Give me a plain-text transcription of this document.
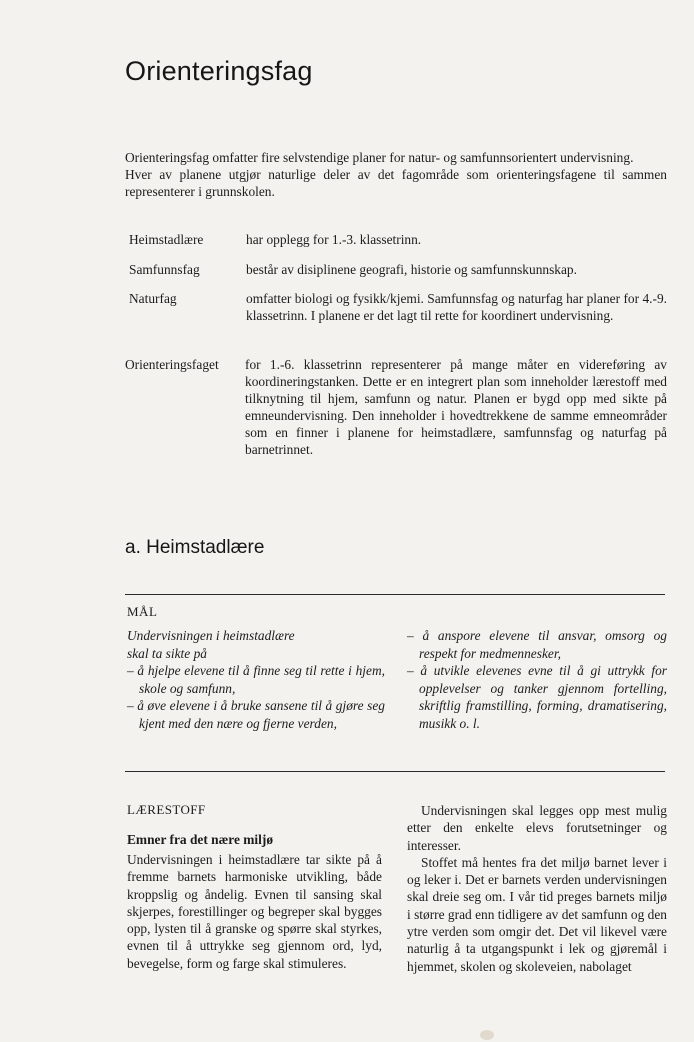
Orienteringsfag
Orienteringsfag omfatter fire selvstendige planer for natur- og samfunnsorientert undervisning.
Hver av planene utgjør naturlige deler av det fagområde som orienteringsfagene til sammen representerer i grunnskolen.
Heimstadlære	har opplegg for 1.-3. klassetrinn.

Samfunnsfag	består av disiplinene geografi, historie og samfunnskunnskap.

Naturfag	omfatter biologi og fysikk/kjemi. Samfunnsfag og naturfag har planer for 4.-9. klassetrinn. I planene er det lagt til rette for koordinert undervisning.

Orienteringsfaget for 1.-6. klassetrinn representerer på mange måter en videreføring av koordineringstanken. Dette er en integrert plan som inneholder lærestoff med tilknytning til hjem, samfunn og natur. Planen er bygd opp med sikte på emneundervisning. Den inneholder i hovedtrekkene de samme emneområder som en finner i planene for heimstadlære, samfunnsfag og naturfag på barnetrinnet.

a. Heimstadlære
MÅL

Undervisningen i heimstadlære

skal ta sikte på

– å hjelpe elevene til å finne seg til rette i hjem, skole og samfunn,
– å øve elevene i å bruke sansene til å gjøre seg kjent med den nære og fjerne verden,
– å anspore elevene til ansvar, omsorg og respekt for medmennesker,
– å utvikle elevenes evne til å gi uttrykk for opplevelser og tanker gjennom fortelling, skriftlig framstilling, forming, dramatisering, musikk o. l.
LÆRESTOFF

Emner fra det nære miljø

Undervisningen i heimstadlære tar sikte på å fremme barnets harmoniske utvikling, både kroppslig og åndelig. Evnen til sansing skal skjerpes, forestillinger og begreper skal bygges opp, lysten til å granske og spørre skal styrkes, evnen til å uttrykke seg gjennom ord, lyd, bevegelse, form og farge skal stimuleres.

Undervisningen skal legges opp mest mulig etter den enkelte elevs forutsetninger og interesser.

Stoffet må hentes fra det miljø barnet lever i og leker i. Det er barnets verden undervisningen skal dreie seg om. I vår tid preges barnets miljø i større grad enn tidligere av det samfunn og den ytre verden som omgir det. Det vil likevel være naturlig å ta utgangspunkt i lek og gjøremål i hjemmet, skolen og skoleveien, nabolaget
